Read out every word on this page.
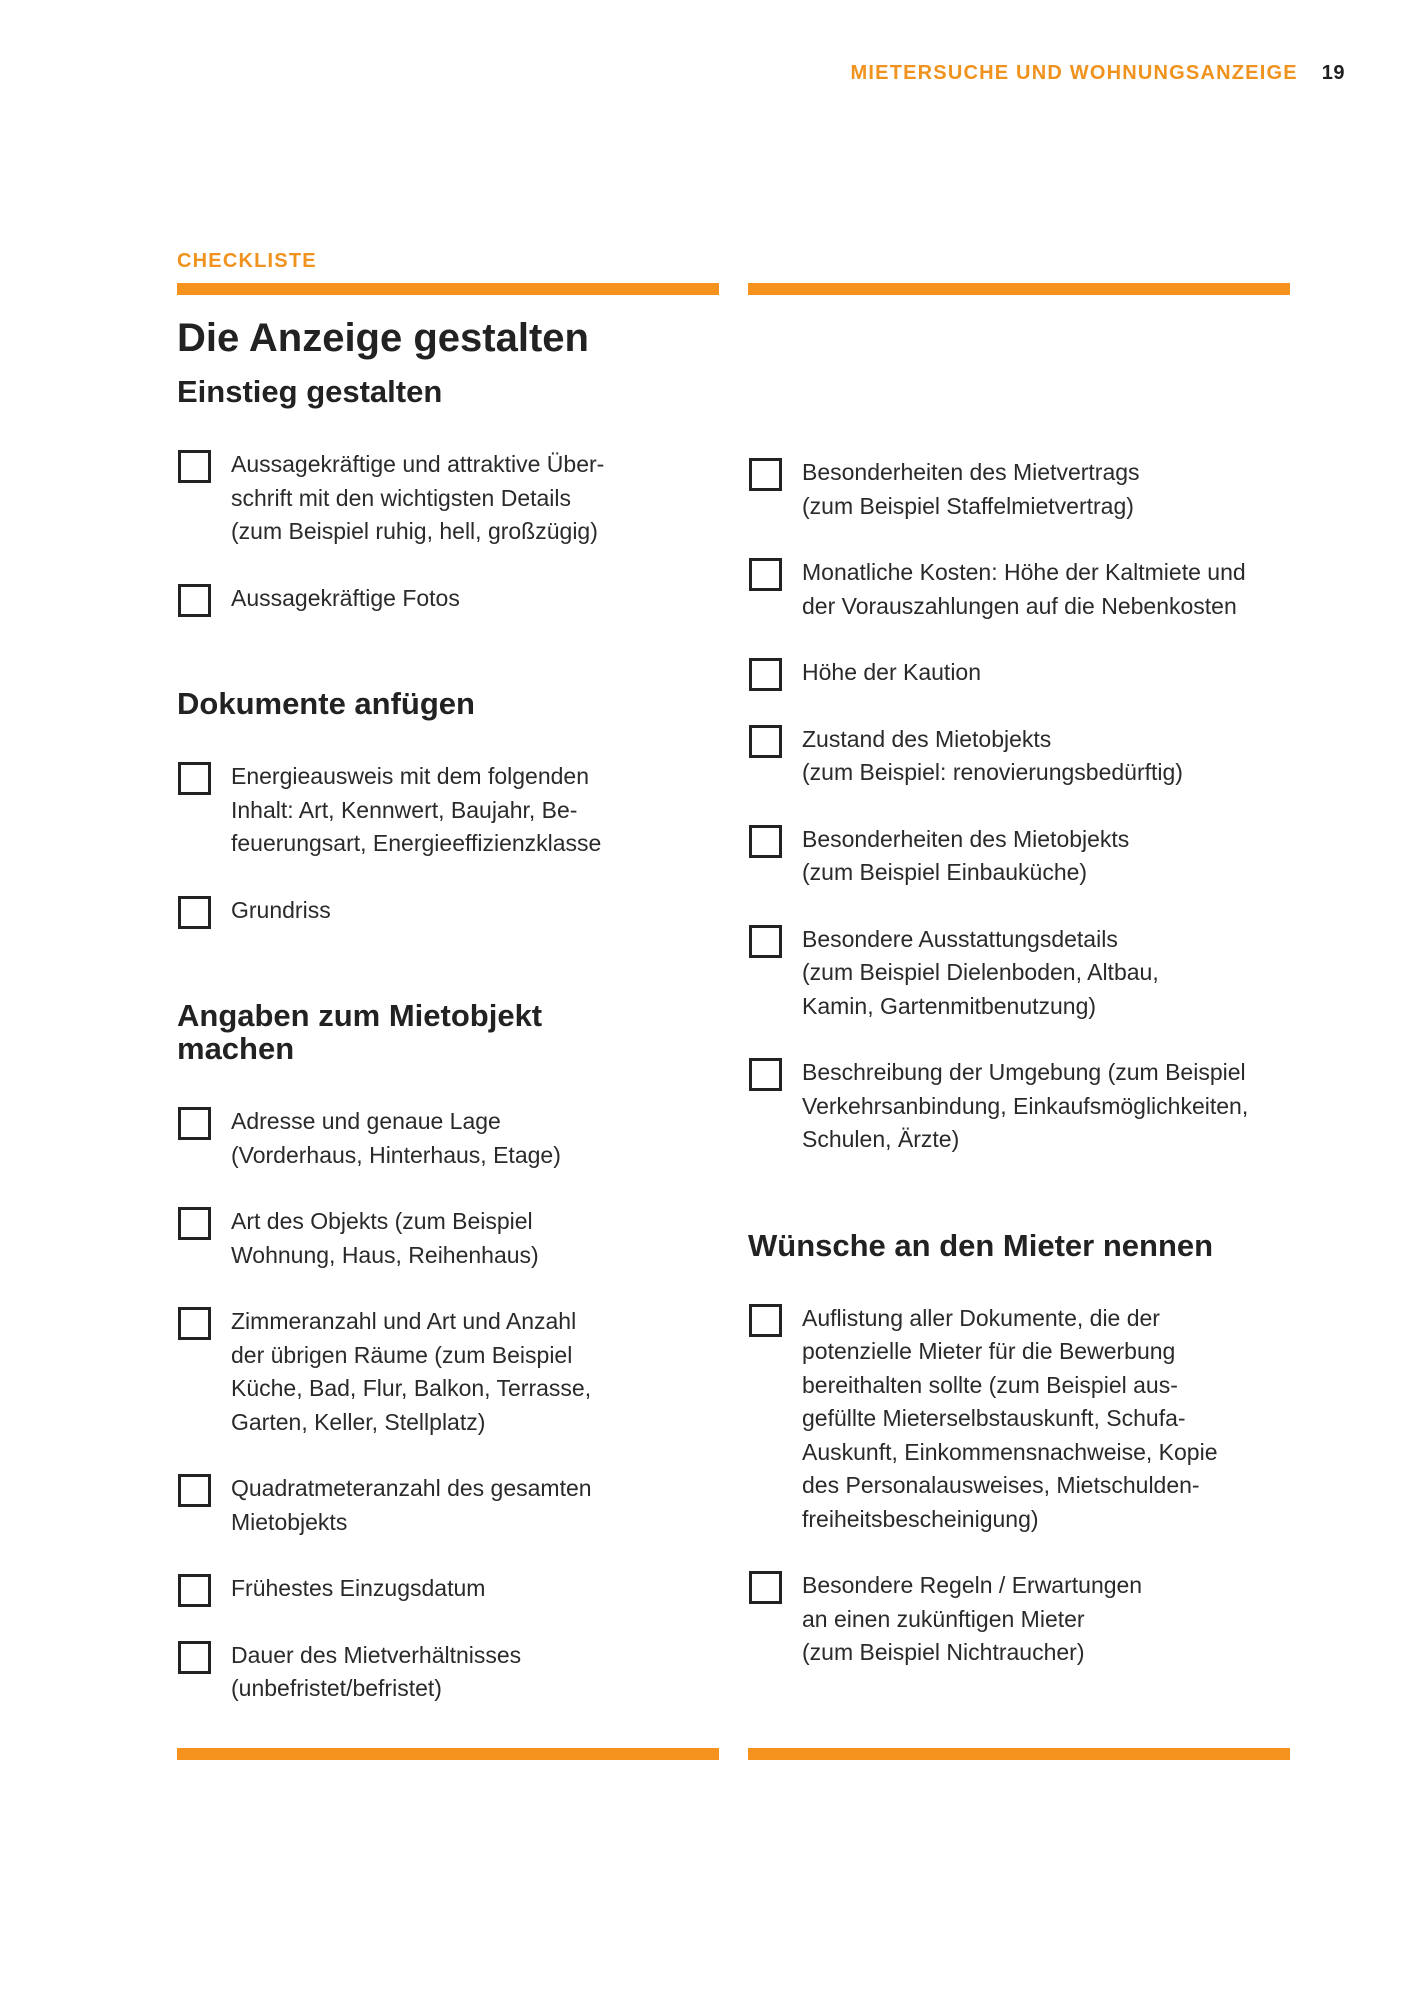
MIETERSUCHE UND WOHNUNGSANZEIGE 19
CHECKLISTE
Die Anzeige gestalten
Einstieg gestalten
Aussagekräftige und attraktive Über-
schrift mit den wichtigsten Details
(zum Beispiel ruhig, hell, großzügig)
Aussagekräftige Fotos
Dokumente anfügen
Energieausweis mit dem folgenden
Inhalt: Art, Kennwert, Baujahr, Be-
feuerungsart, Energieeffizienzklasse
Grundriss
Angaben zum Mietobjekt machen
Adresse und genaue Lage
(Vorderhaus, Hinterhaus, Etage)
Art des Objekts (zum Beispiel
Wohnung, Haus, Reihenhaus)
Zimmeranzahl und Art und Anzahl
der übrigen Räume (zum Beispiel
Küche, Bad, Flur, Balkon, Terrasse,
Garten, Keller, Stellplatz)
Quadratmeteranzahl des gesamten
Mietobjekts
Frühestes Einzugsdatum
Dauer des Mietverhältnisses
(unbefristet/befristet)
Besonderheiten des Mietvertrags
(zum Beispiel Staffelmietvertrag)
Monatliche Kosten: Höhe der Kaltmiete und
der Vorauszahlungen auf die Nebenkosten
Höhe der Kaution
Zustand des Mietobjekts
(zum Beispiel: renovierungsbedürftig)
Besonderheiten des Mietobjekts
(zum Beispiel Einbauküche)
Besondere Ausstattungsdetails
(zum Beispiel Dielenboden, Altbau,
Kamin, Gartenmitbenutzung)
Beschreibung der Umgebung (zum Beispiel
Verkehrsanbindung, Einkaufsmöglichkeiten,
Schulen, Ärzte)
Wünsche an den Mieter nennen
Auflistung aller Dokumente, die der
potenzielle Mieter für die Bewerbung
bereithalten sollte (zum Beispiel aus-
gefüllte Mieterselbstauskunft, Schufa-
Auskunft, Einkommensnachweise, Kopie
des Personalausweises, Mietschulden-
freiheitsbescheinigung)
Besondere Regeln / Erwartungen
an einen zukünftigen Mieter
(zum Beispiel Nichtraucher)
